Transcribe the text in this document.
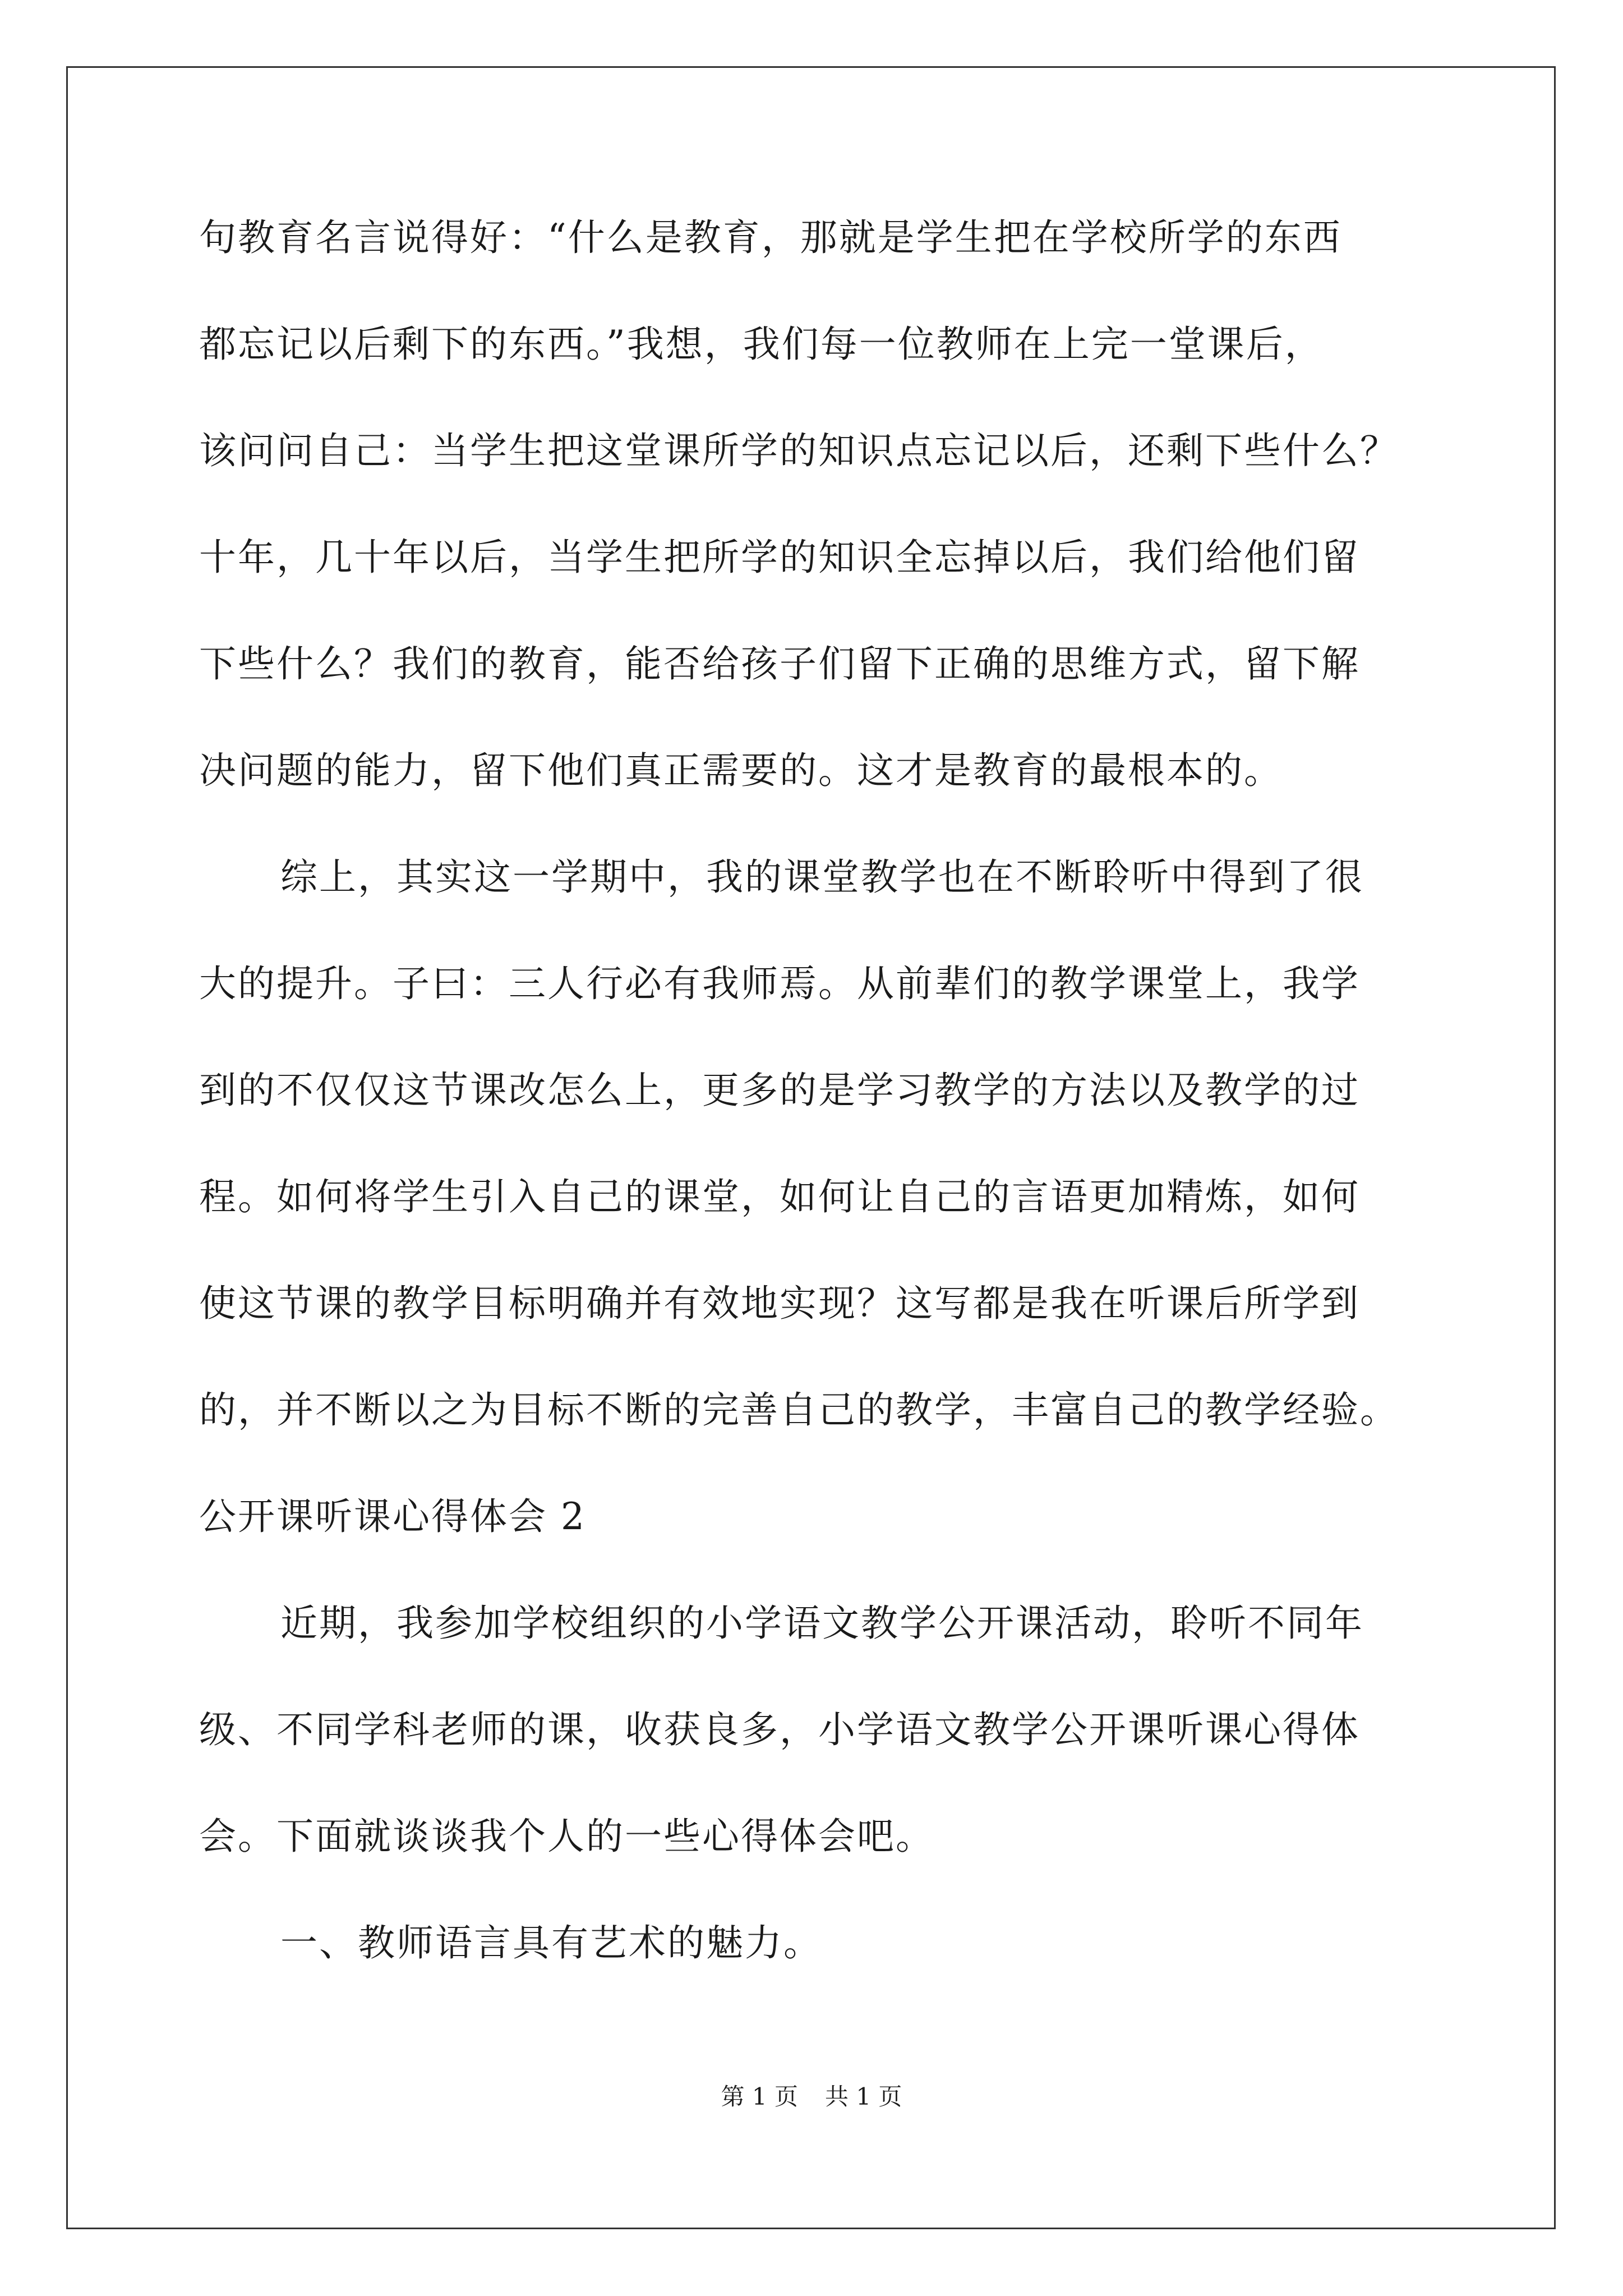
句教育名言说得好：“什么是教育，那就是学生把在学校所学的东西
都忘记以后剩下的东西。”我想，我们每一位教师在上完一堂课后，
该问问自己：当学生把这堂课所学的知识点忘记以后，还剩下些什么？
十年，几十年以后，当学生把所学的知识全忘掉以后，我们给他们留
下些什么？我们的教育，能否给孩子们留下正确的思维方式，留下解
决问题的能力，留下他们真正需要的。这才是教育的最根本的。
综上，其实这一学期中，我的课堂教学也在不断聆听中得到了很
大的提升。子曰：三人行必有我师焉。从前辈们的教学课堂上，我学
到的不仅仅这节课改怎么上，更多的是学习教学的方法以及教学的过
程。如何将学生引入自己的课堂，如何让自己的言语更加精炼，如何
使这节课的教学目标明确并有效地实现？这写都是我在听课后所学到
的，并不断以之为目标不断的完善自己的教学，丰富自己的教学经验。
公开课听课心得体会 2
近期，我参加学校组织的小学语文教学公开课活动，聆听不同年
级、不同学科老师的课，收获良多，小学语文教学公开课听课心得体
会。下面就谈谈我个人的一些心得体会吧。
一、教师语言具有艺术的魅力。
第 1 页 共 1 页
